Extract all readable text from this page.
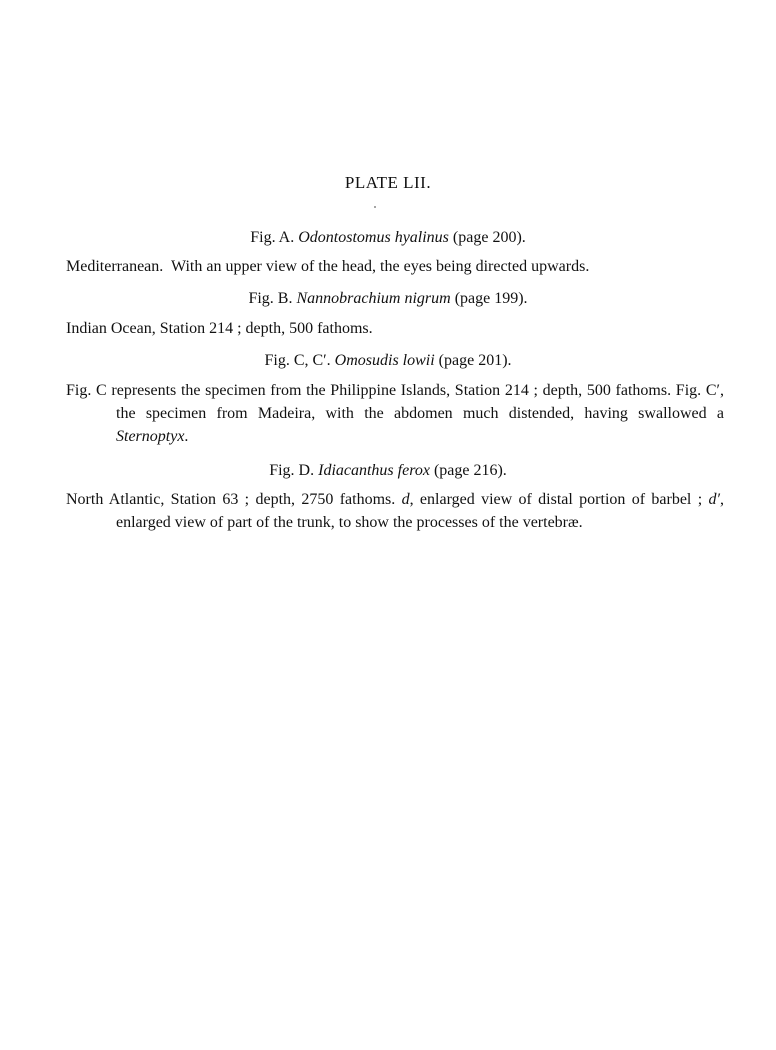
PLATE LII.
Fig. A. Odontostomus hyalinus (page 200).
Mediterranean.  With an upper view of the head, the eyes being directed upwards.
Fig. B. Nannobrachium nigrum (page 199).
Indian Ocean, Station 214 ; depth, 500 fathoms.
Fig. C, C′. Omosudis lowii (page 201).
Fig. C represents the specimen from the Philippine Islands, Station 214 ; depth, 500 fathoms. Fig. C′, the specimen from Madeira, with the abdomen much distended, having swallowed a Sternoptyx.
Fig. D. Idiacanthus ferox (page 216).
North Atlantic, Station 63 ; depth, 2750 fathoms. d, enlarged view of distal portion of barbel ; d′, enlarged view of part of the trunk, to show the processes of the vertebræ.
